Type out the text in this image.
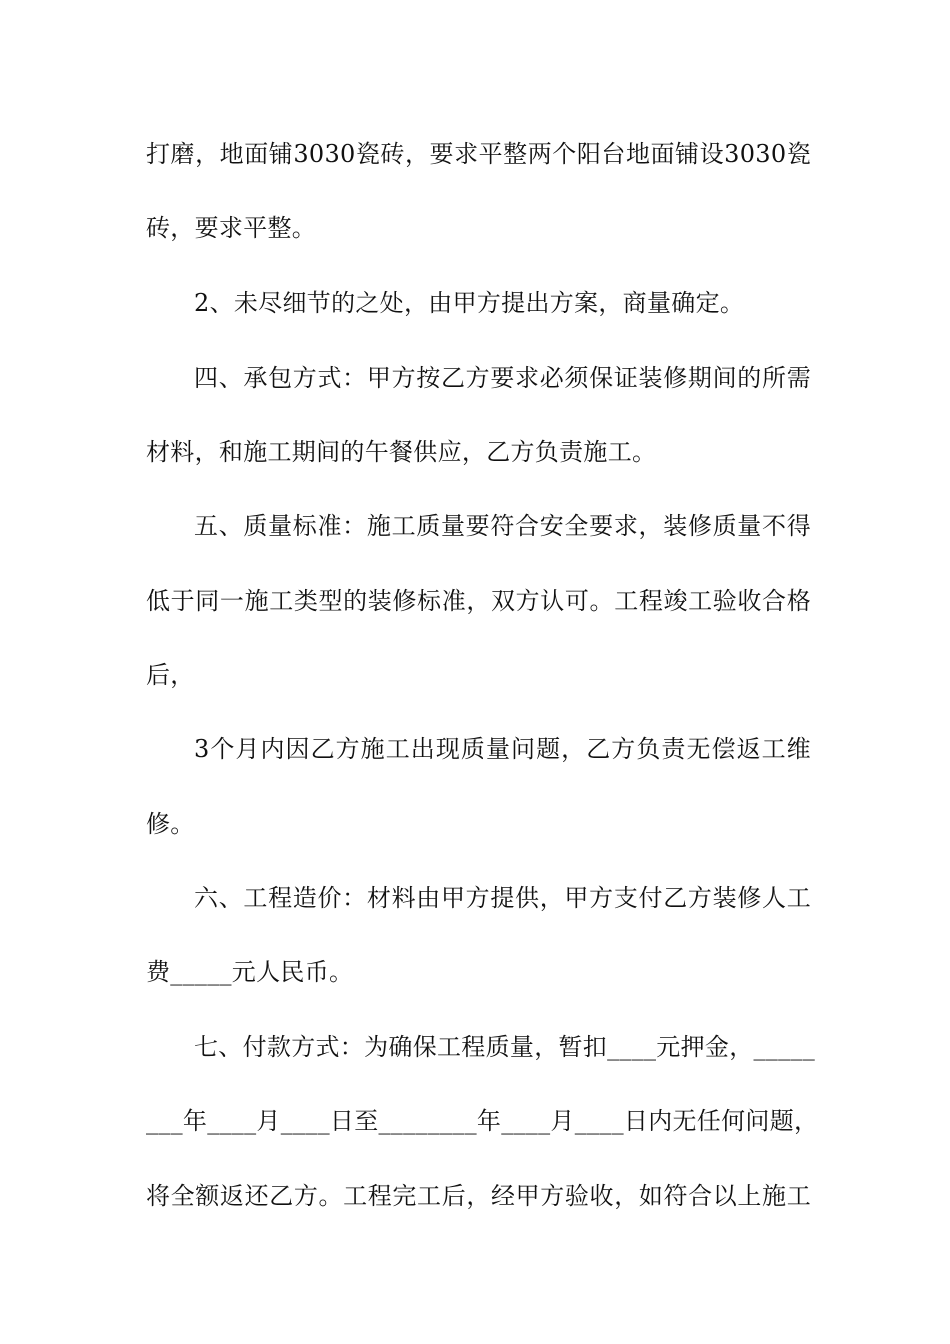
打磨，地面铺3030瓷砖，要求平整两个阳台地面铺设3030瓷
砖，要求平整。
2、未尽细节的之处，由甲方提出方案，商量确定。
四、承包方式：甲方按乙方要求必须保证装修期间的所需
材料，和施工期间的午餐供应，乙方负责施工。
五、质量标准：施工质量要符合安全要求，装修质量不得
低于同一施工类型的装修标准，双方认可。工程竣工验收合格
后，
3个月内因乙方施工出现质量问题，乙方负责无偿返工维
修。
六、工程造价：材料由甲方提供，甲方支付乙方装修人工
费_____元人民币。
七、付款方式：为确保工程质量，暂扣____元押金，_____
___年____月____日至________年____月____日内无任何问题，
将全额返还乙方。工程完工后，经甲方验收，如符合以上施工
